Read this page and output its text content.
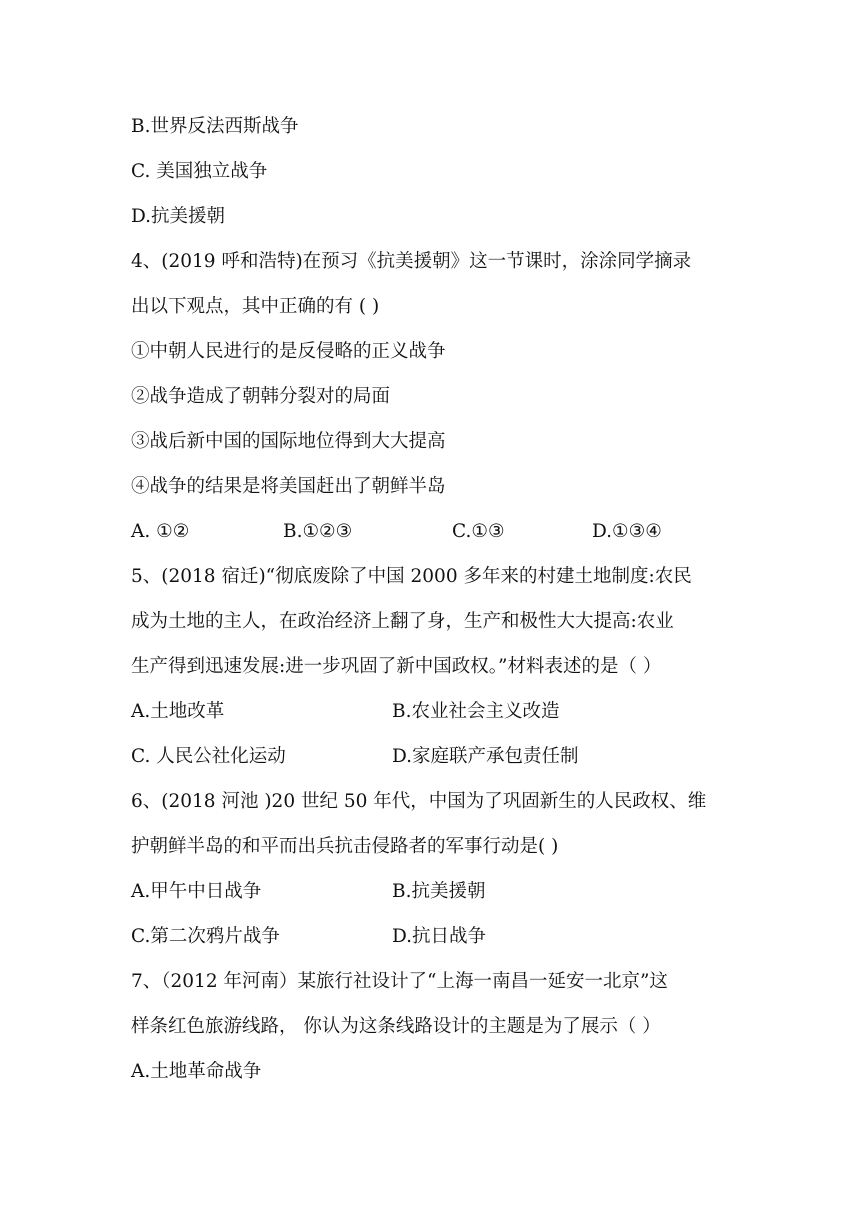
B.世界反法西斯战争
C. 美国独立战争
D.抗美援朝
4、(2019 呼和浩特)在预习《抗美援朝》这一节课时，涂涂同学摘录
出以下观点，其中正确的有 ( )
①中朝人民进行的是反侵略的正义战争
②战争造成了朝韩分裂对的局面
③战后新中国的国际地位得到大大提高
④战争的结果是将美国赶出了朝鲜半岛
A. ①②	B.①②③	C.①③	D.①③④
5、(2018 宿迁)“彻底废除了中国 2000 多年来的村建土地制度:农民
成为土地的主人，在政治经济上翻了身，生产和极性大大提高:农业
生产得到迅速发展:进一步巩固了新中国政权。”材料表述的是（ ）
A.土地改革	B.农业社会主义改造
C. 人民公社化运动	D.家庭联产承包责任制
6、(2018 河池 )20 世纪 50 年代，中国为了巩固新生的人民政权、维
护朝鲜半岛的和平而出兵抗击侵路者的军事行动是( )
A.甲午中日战争	B.抗美援朝
C.第二次鸦片战争	D.抗日战争
7、（2012 年河南）某旅行社设计了“上海一南昌一延安一北京”这
样条红色旅游线路， 你认为这条线路设计的主题是为了展示（ ）
A.土地革命战争
